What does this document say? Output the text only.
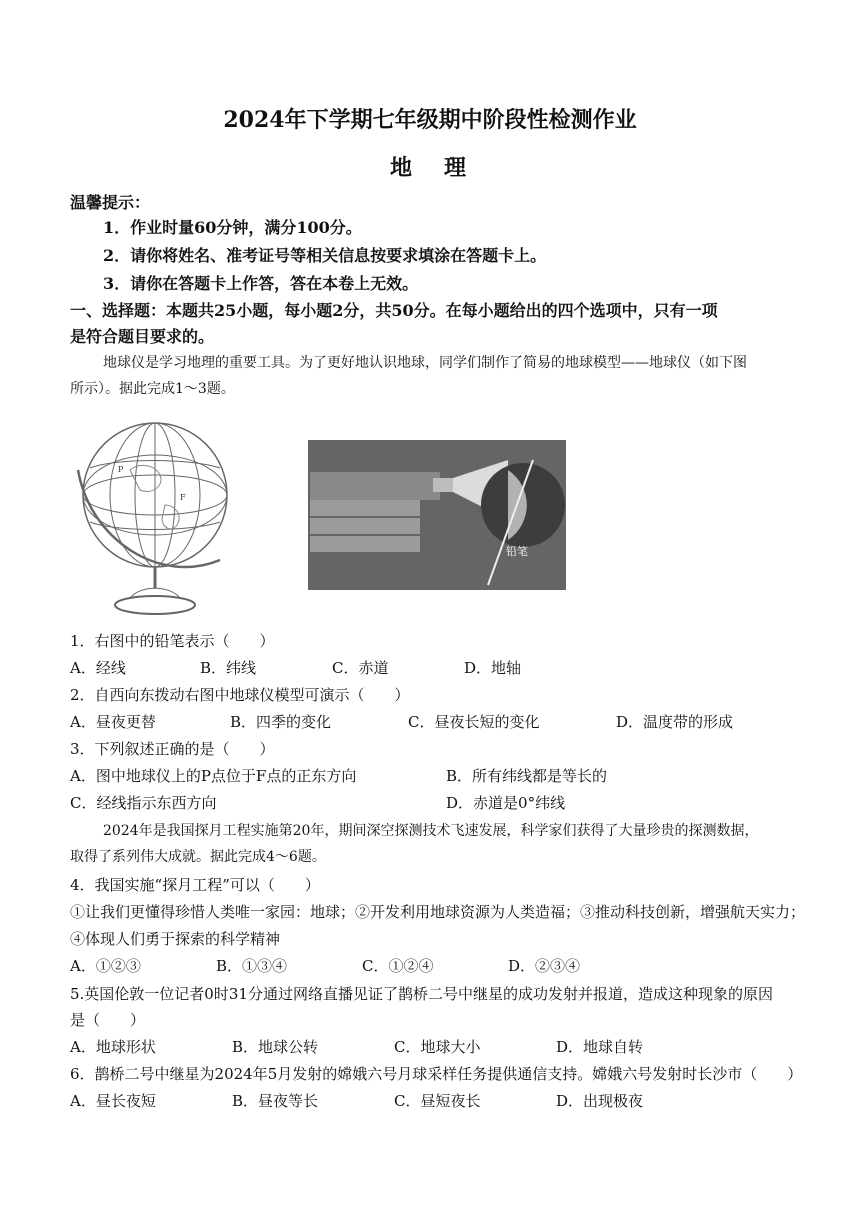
2024年下学期七年级期中阶段性检测作业
地 理
温馨提示：
1．作业时量60分钟，满分100分。
2．请你将姓名、准考证号等相关信息按要求填涂在答题卡上。
3．请你在答题卡上作答，答在本卷上无效。
一、选择题：本题共25小题，每小题2分，共50分。在每小题给出的四个选项中，只有一项
是符合题目要求的。
地球仪是学习地理的重要工具。为了更好地认识地球，同学们制作了简易的地球模型——地球仪（如下图
所示）。据此完成1～3题。
P
F
铅笔
1．右图中的铅笔表示（　　）
A．经线	B．纬线	C．赤道	D．地轴
2．自西向东拨动右图中地球仪模型可演示（　　）
A．昼夜更替	B．四季的变化	C．昼夜长短的变化	D．温度带的形成
3．下列叙述正确的是（　　）
A．图中地球仪上的P点位于F点的正东方向	B．所有纬线都是等长的
C．经线指示东西方向	D．赤道是0°纬线
2024年是我国探月工程实施第20年，期间深空探测技术飞速发展，科学家们获得了大量珍贵的探测数据，
取得了系列伟大成就。据此完成4～6题。
4．我国实施“探月工程”可以（　　）
①让我们更懂得珍惜人类唯一家园：地球；②开发利用地球资源为人类造福；③推动科技创新，增强航天实力；
④体现人们勇于探索的科学精神
A．①②③	B．①③④	C．①②④	D．②③④
5.英国伦敦一位记者0时31分通过网络直播见证了鹊桥二号中继星的成功发射并报道，造成这种现象的原因
是（　　）
A．地球形状	B．地球公转	C．地球大小	D．地球自转
6．鹊桥二号中继星为2024年5月发射的嫦娥六号月球采样任务提供通信支持。嫦娥六号发射时长沙市（　　）
A．昼长夜短	B．昼夜等长	C．昼短夜长	D．出现极夜
